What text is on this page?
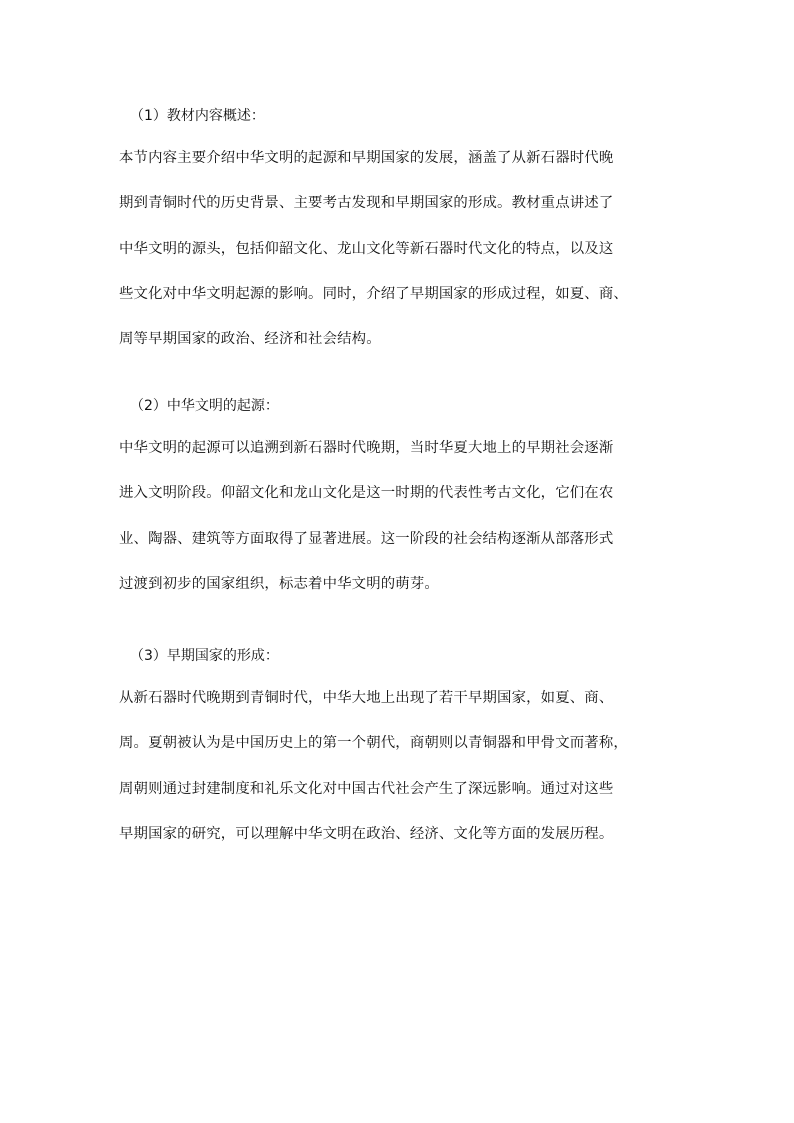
（1）教材内容概述：
本节内容主要介绍中华文明的起源和早期国家的发展，涵盖了从新石器时代晚
期到青铜时代的历史背景、主要考古发现和早期国家的形成。教材重点讲述了
中华文明的源头，包括仰韶文化、龙山文化等新石器时代文化的特点，以及这
些文化对中华文明起源的影响。同时，介绍了早期国家的形成过程，如夏、商、
周等早期国家的政治、经济和社会结构。
（2）中华文明的起源：
中华文明的起源可以追溯到新石器时代晚期，当时华夏大地上的早期社会逐渐
进入文明阶段。仰韶文化和龙山文化是这一时期的代表性考古文化，它们在农
业、陶器、建筑等方面取得了显著进展。这一阶段的社会结构逐渐从部落形式
过渡到初步的国家组织，标志着中华文明的萌芽。
（3）早期国家的形成：
从新石器时代晚期到青铜时代，中华大地上出现了若干早期国家，如夏、商、
周。夏朝被认为是中国历史上的第一个朝代，商朝则以青铜器和甲骨文而著称，
周朝则通过封建制度和礼乐文化对中国古代社会产生了深远影响。通过对这些
早期国家的研究，可以理解中华文明在政治、经济、文化等方面的发展历程。
